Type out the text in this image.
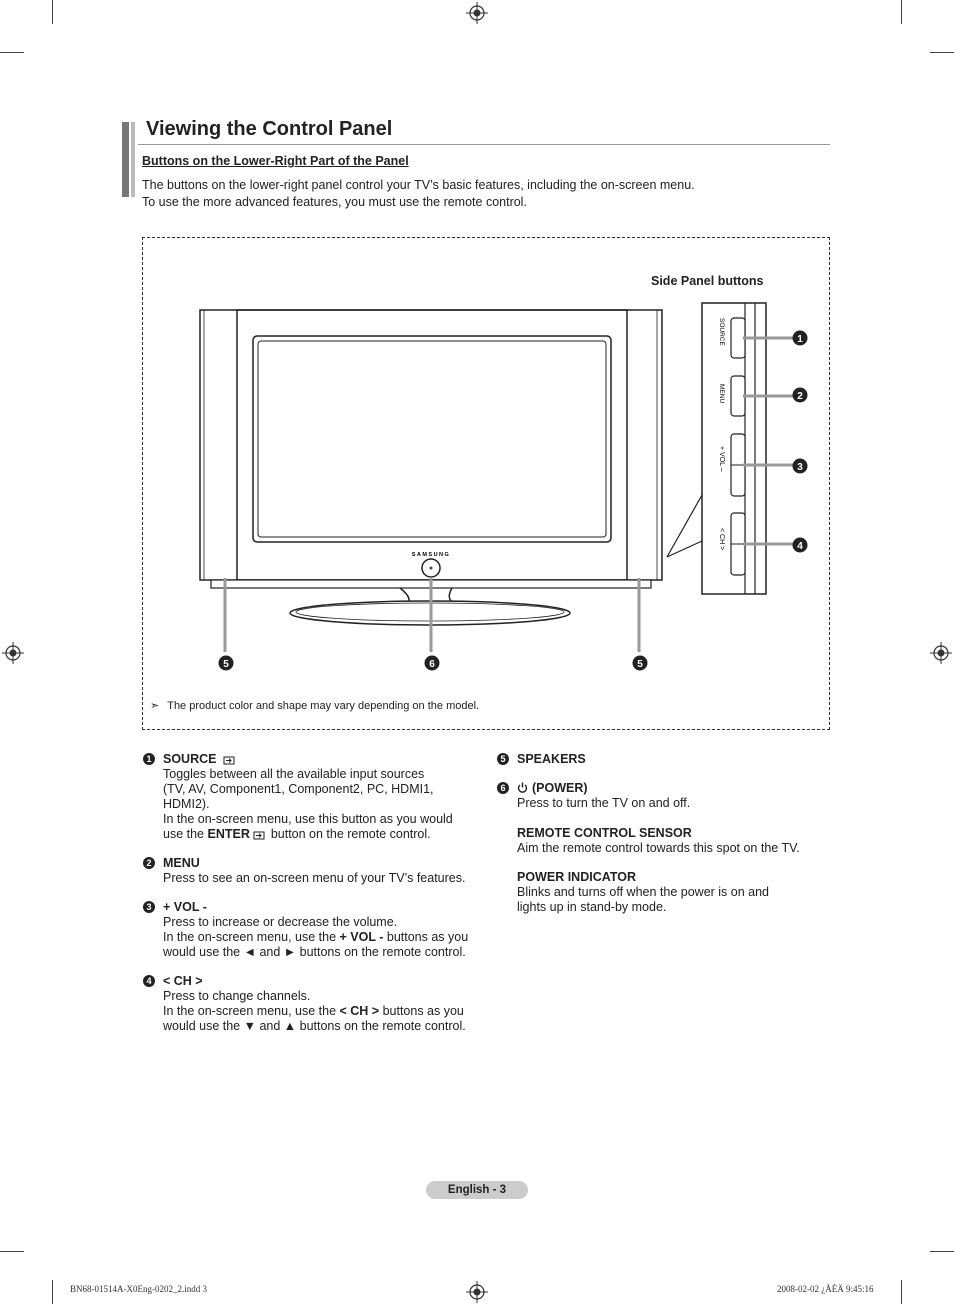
Viewing the Control Panel
Buttons on the Lower-Right Part of the Panel
The buttons on the lower-right panel control your TV’s basic features, including the on-screen menu.
To use the more advanced features, you must use the remote control.
Side Panel buttons
SAMSUNG
SOURCE
MENU
+ VOL –
< CH >
1
2
3
4
5	6	5
➣ The product color and shape may vary depending on the model.
1 SOURCE
Toggles between all the available input sources
(TV, AV, Component1, Component2, PC, HDMI1,
HDMI2).
In the on-screen menu, use this button as you would
use the ENTER  button on the remote control.
2 MENU
Press to see an on-screen menu of your TV’s features.
3 + VOL -
Press to increase or decrease the volume.
In the on-screen menu, use the + VOL - buttons as you
would use the ◄ and ► buttons on the remote control.
4 < CH >
Press to change channels.
In the on-screen menu, use the < CH > buttons as you
would use the ▼ and ▲ buttons on the remote control.
5 SPEAKERS
6	(POWER)
Press to turn the TV on and off.
REMOTE CONTROL SENSOR
Aim the remote control towards this spot on the TV.
POWER INDICATOR
Blinks and turns off when the power is on and
lights up in stand-by mode.
English - 3
BN68-01514A-X0Eng-0202_2.indd 3	2008-02-02 ¿ÀÈÄ 9:45:16
